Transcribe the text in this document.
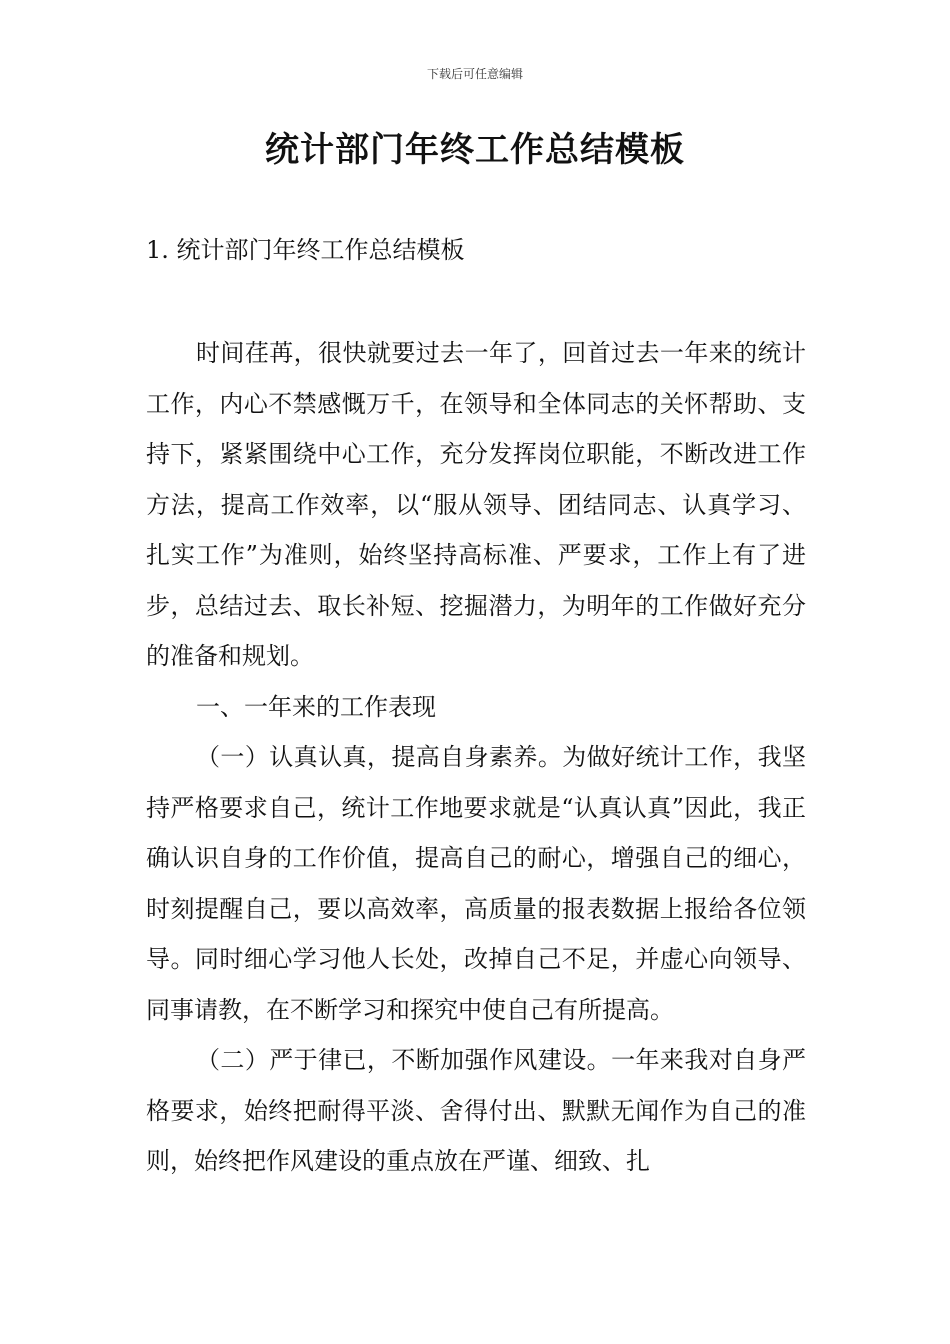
下载后可任意编辑
统计部门年终工作总结模板
1. 统计部门年终工作总结模板

时间荏苒，很快就要过去一年了，回首过去一年来的统计工作，内心不禁感慨万千，在领导和全体同志的关怀帮助、支持下，紧紧围绕中心工作，充分发挥岗位职能，不断改进工作方法，提高工作效率，以“服从领导、团结同志、认真学习、扎实工作”为准则，始终坚持高标准、严要求，工作上有了进步，总结过去、取长补短、挖掘潜力，为明年的工作做好充分的准备和规划。

一、一年来的工作表现

（一）认真认真，提高自身素养。为做好统计工作，我坚持严格要求自己，统计工作地要求就是“认真认真”因此，我正确认识自身的工作价值，提高自己的耐心，增强自己的细心，时刻提醒自己，要以高效率，高质量的报表数据上报给各位领导。同时细心学习他人长处，改掉自己不足，并虚心向领导、同事请教，在不断学习和探究中使自己有所提高。

（二）严于律已，不断加强作风建设。一年来我对自身严格要求，始终把耐得平淡、舍得付出、默默无闻作为自己的准则，始终把作风建设的重点放在严谨、细致、扎
